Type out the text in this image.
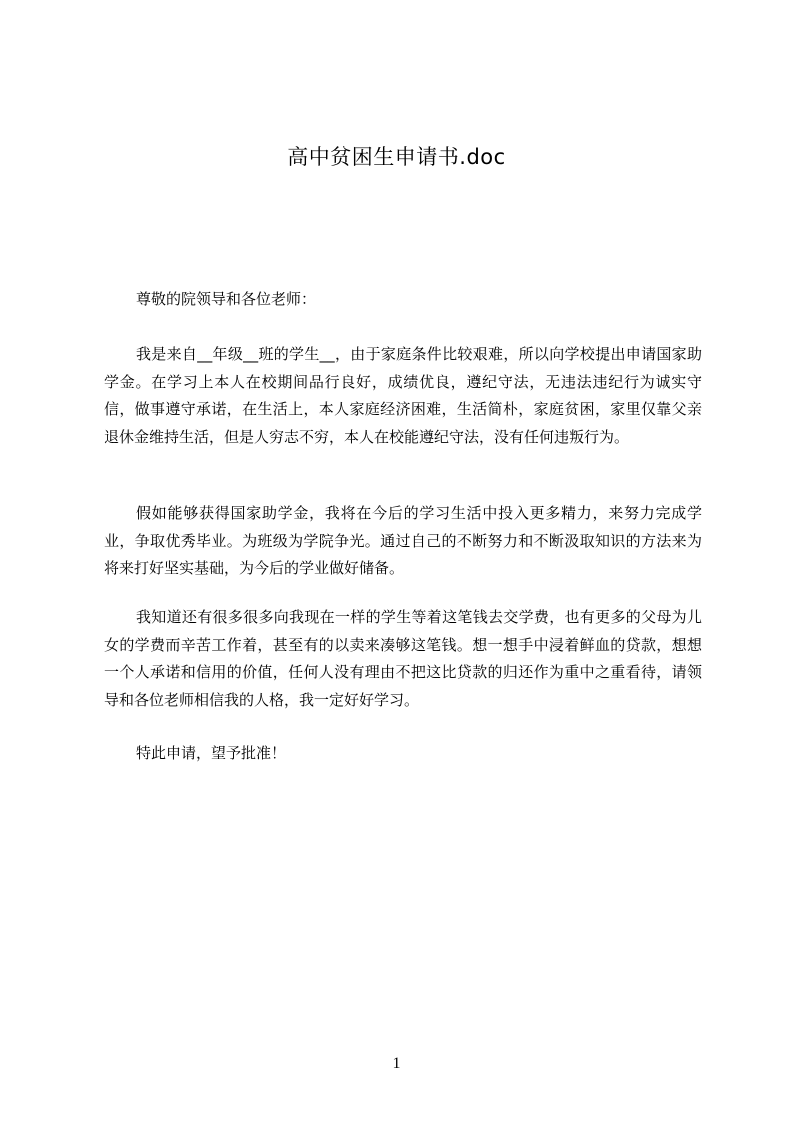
高中贫困生申请书.doc

尊敬的院领导和各位老师：

我是来自__年级__班的学生__，由于家庭条件比较艰难，所以向学校提出申请国家助学金。在学习上本人在校期间品行良好，成绩优良，遵纪守法，无违法违纪行为诚实守信，做事遵守承诺，在生活上，本人家庭经济困难，生活简朴，家庭贫困，家里仅靠父亲退休金维持生活，但是人穷志不穷，本人在校能遵纪守法，没有任何违叛行为。

假如能够获得国家助学金，我将在今后的学习生活中投入更多精力，来努力完成学业，争取优秀毕业。为班级为学院争光。通过自己的不断努力和不断汲取知识的方法来为将来打好坚实基础，为今后的学业做好储备。

我知道还有很多很多向我现在一样的学生等着这笔钱去交学费，也有更多的父母为儿女的学费而辛苦工作着，甚至有的以卖来凑够这笔钱。想一想手中浸着鲜血的贷款，想想一个人承诺和信用的价值，任何人没有理由不把这比贷款的归还作为重中之重看待，请领导和各位老师相信我的人格，我一定好好学习。

特此申请，望予批准！

1
